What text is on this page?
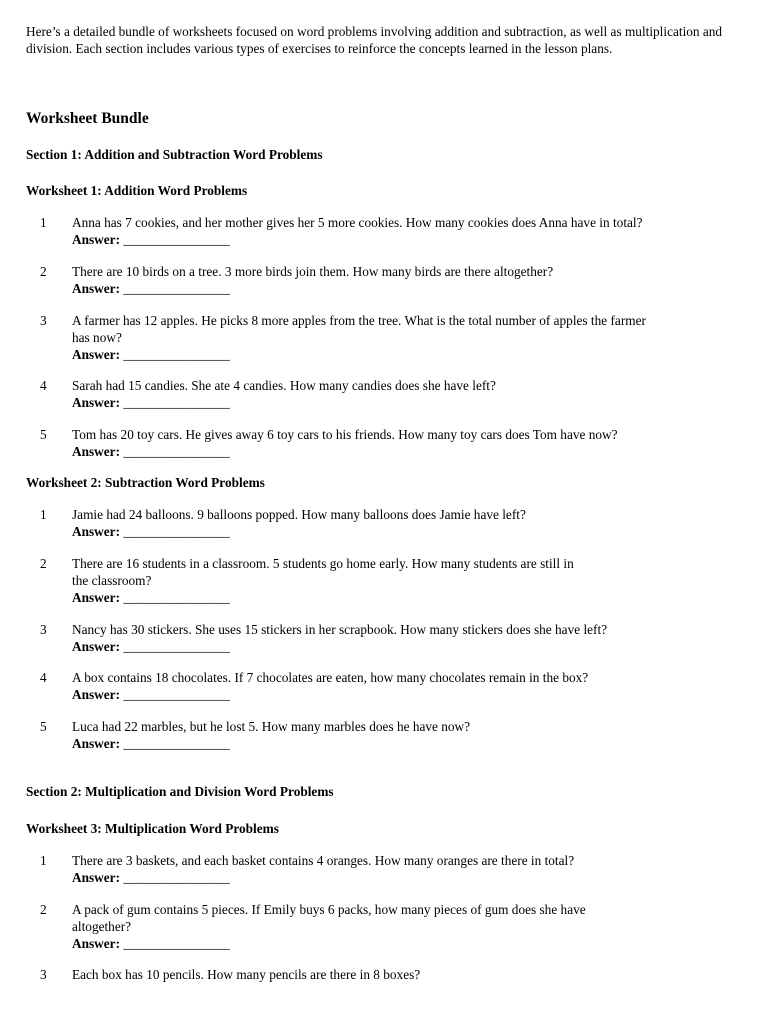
Here’s a detailed bundle of worksheets focused on word problems involving addition and subtraction, as well as multiplication and division. Each section includes various types of exercises to reinforce the concepts learned in the lesson plans.
Worksheet Bundle
Section 1: Addition and Subtraction Word Problems
Worksheet 1: Addition Word Problems
1	Anna has 7 cookies, and her mother gives her 5 more cookies. How many cookies does Anna have in total?
Answer: ________________
2	There are 10 birds on a tree. 3 more birds join them. How many birds are there altogether?
Answer: ________________
3	A farmer has 12 apples. He picks 8 more apples from the tree. What is the total number of apples the farmer
has now?
Answer: ________________
4	Sarah had 15 candies. She ate 4 candies. How many candies does she have left?
Answer: ________________
5	Tom has 20 toy cars. He gives away 6 toy cars to his friends. How many toy cars does Tom have now?
Answer: ________________
Worksheet 2: Subtraction Word Problems
1	Jamie had 24 balloons. 9 balloons popped. How many balloons does Jamie have left?
Answer: ________________
2	There are 16 students in a classroom. 5 students go home early. How many students are still in
the classroom?
Answer: ________________
3	Nancy has 30 stickers. She uses 15 stickers in her scrapbook. How many stickers does she have left?
Answer: ________________
4	A box contains 18 chocolates. If 7 chocolates are eaten, how many chocolates remain in the box?
Answer: ________________
5	Luca had 22 marbles, but he lost 5. How many marbles does he have now?
Answer: ________________
Section 2: Multiplication and Division Word Problems
Worksheet 3: Multiplication Word Problems
1	There are 3 baskets, and each basket contains 4 oranges. How many oranges are there in total?
Answer: ________________
2	A pack of gum contains 5 pieces. If Emily buys 6 packs, how many pieces of gum does she have
altogether?
Answer: ________________
3	Each box has 10 pencils. How many pencils are there in 8 boxes?
